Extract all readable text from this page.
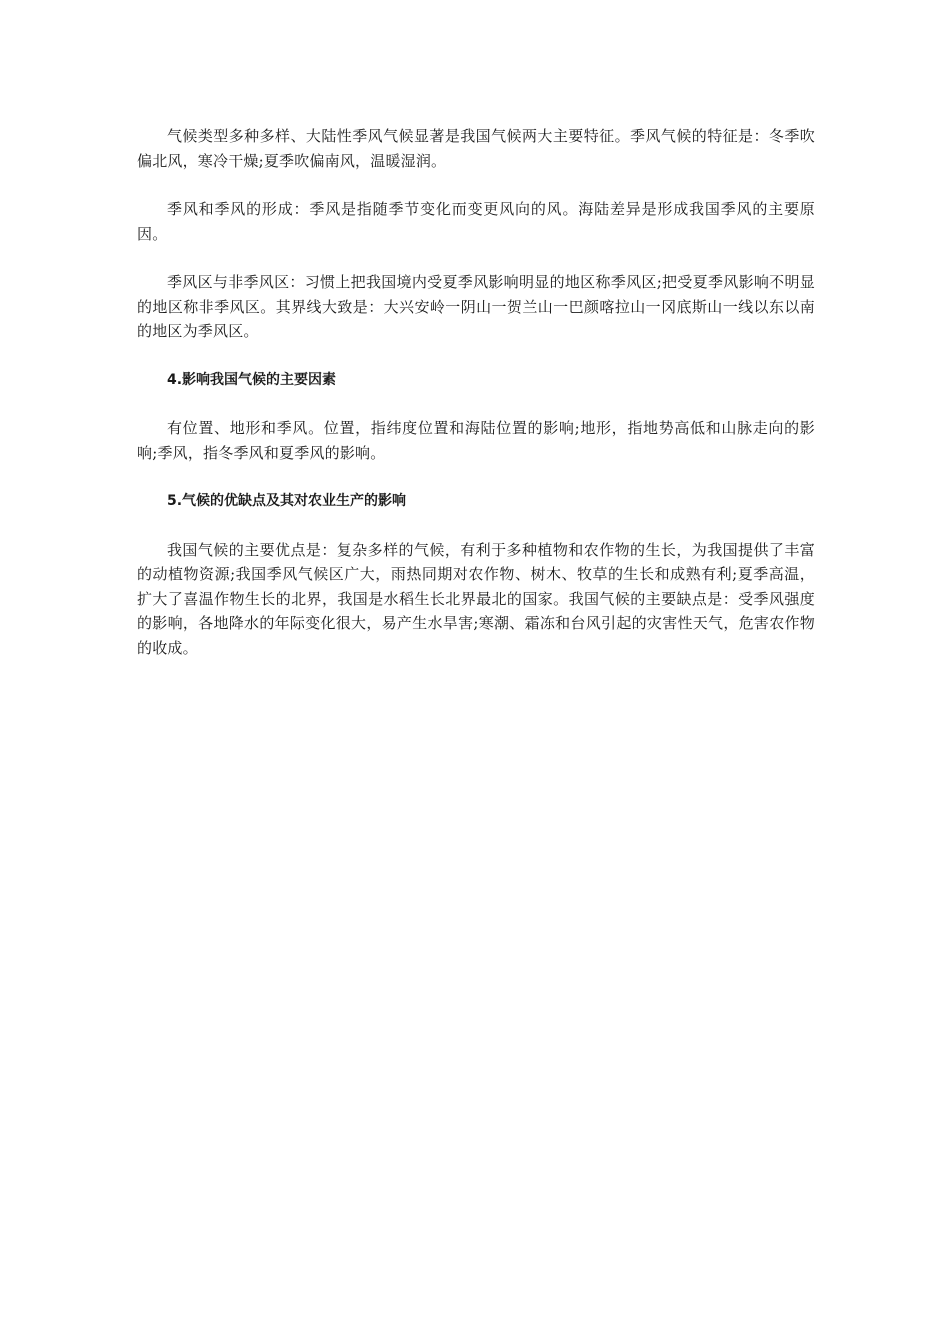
气候类型多种多样、大陆性季风气候显著是我国气候两大主要特征。季风气候的特征是：冬季吹偏北风，寒冷干燥;夏季吹偏南风，温暖湿润。

季风和季风的形成：季风是指随季节变化而变更风向的风。海陆差异是形成我国季风的主要原因。

季风区与非季风区：习惯上把我国境内受夏季风影响明显的地区称季风区;把受夏季风影响不明显的地区称非季风区。其界线大致是：大兴安岭一阴山一贺兰山一巴颜喀拉山一冈底斯山一线以东以南的地区为季风区。

4.影响我国气候的主要因素

有位置、地形和季风。位置，指纬度位置和海陆位置的影响;地形，指地势高低和山脉走向的影响;季风，指冬季风和夏季风的影响。

5.气候的优缺点及其对农业生产的影响

我国气候的主要优点是：复杂多样的气候，有利于多种植物和农作物的生长，为我国提供了丰富的动植物资源;我国季风气候区广大，雨热同期对农作物、树木、牧草的生长和成熟有利;夏季高温，扩大了喜温作物生长的北界，我国是水稻生长北界最北的国家。我国气候的主要缺点是：受季风强度的影响，各地降水的年际变化很大，易产生水旱害;寒潮、霜冻和台风引起的灾害性天气，危害农作物的收成。
